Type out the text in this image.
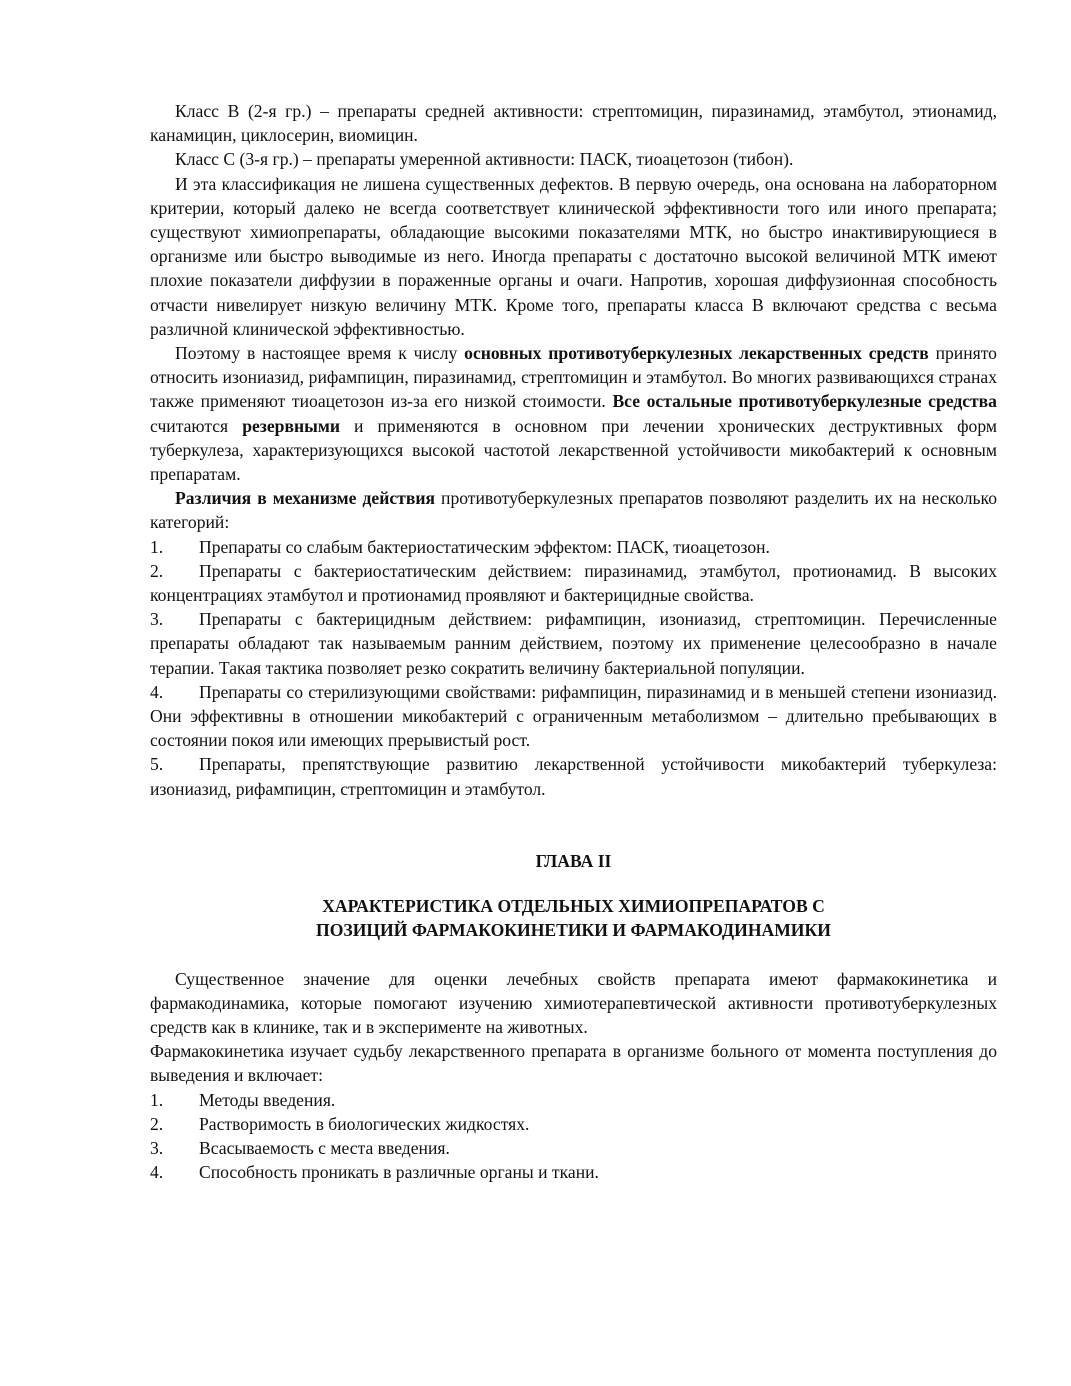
Класс В (2-я гр.) – препараты средней активности: стрептомицин, пиразинамид, этамбутол, этионамид, канамицин, циклосерин, виомицин.

Класс С (3-я гр.) – препараты умеренной активности: ПАСК, тиоацетозон (тибон).

И эта классификация не лишена существенных дефектов. В первую очередь, она основана на лабораторном критерии, который далеко не всегда соответствует клинической эффективности того или иного препарата; существуют химиопрепараты, обладающие высокими показателями МТК, но быстро инактивирующиеся в организме или быстро выводимые из него. Иногда препараты с достаточно высокой величиной МТК имеют плохие показатели диффузии в пораженные органы и очаги. Напротив, хорошая диффузионная способность отчасти нивелирует низкую величину МТК. Кроме того, препараты класса В включают средства с весьма различной клинической эффективностью.

Поэтому в настоящее время к числу основных противотуберкулезных лекарственных средств принято относить изониазид, рифампицин, пиразинамид, стрептомицин и этамбутол. Во многих развивающихся странах также применяют тиоацетозон из-за его низкой стоимости. Все остальные противотуберкулезные средства считаются резервными и применяются в основном при лечении хронических деструктивных форм туберкулеза, характеризующихся высокой частотой лекарственной устойчивости микобактерий к основным препаратам.

Различия в механизме действия противотуберкулезных препаратов позволяют разделить их на несколько категорий:

1. Препараты со слабым бактериостатическим эффектом: ПАСК, тиоацетозон.

2. Препараты с бактериостатическим действием: пиразинамид, этамбутол, протионамид. В высоких концентрациях этамбутол и протионамид проявляют и бактерицидные свойства.

3. Препараты с бактерицидным действием: рифампицин, изониазид, стрептомицин. Перечисленные препараты обладают так называемым ранним действием, поэтому их применение целесообразно в начале терапии. Такая тактика позволяет резко сократить величину бактериальной популяции.

4. Препараты со стерилизующими свойствами: рифампицин, пиразинамид и в меньшей степени изониазид. Они эффективны в отношении микобактерий с ограниченным метаболизмом – длительно пребывающих в состоянии покоя или имеющих прерывистый рост.

5. Препараты, препятствующие развитию лекарственной устойчивости микобактерий туберкулеза: изониазид, рифампицин, стрептомицин и этамбутол.

ГЛАВА II

ХАРАКТЕРИСТИКА ОТДЕЛЬНЫХ ХИМИОПРЕПАРАТОВ С
ПОЗИЦИЙ ФАРМАКОКИНЕТИКИ И ФАРМАКОДИНАМИКИ

Существенное значение для оценки лечебных свойств препарата имеют фармакокинетика и фармакодинамика, которые помогают изучению химиотерапевтической активности противотуберкулезных средств как в клинике, так и в эксперименте на животных.

Фармакокинетика изучает судьбу лекарственного препарата в организме больного от момента поступления до выведения и включает:

1. Методы введения.

2. Растворимость в биологических жидкостях.

3. Всасываемость с места введения.

4. Способность проникать в различные органы и ткани.
